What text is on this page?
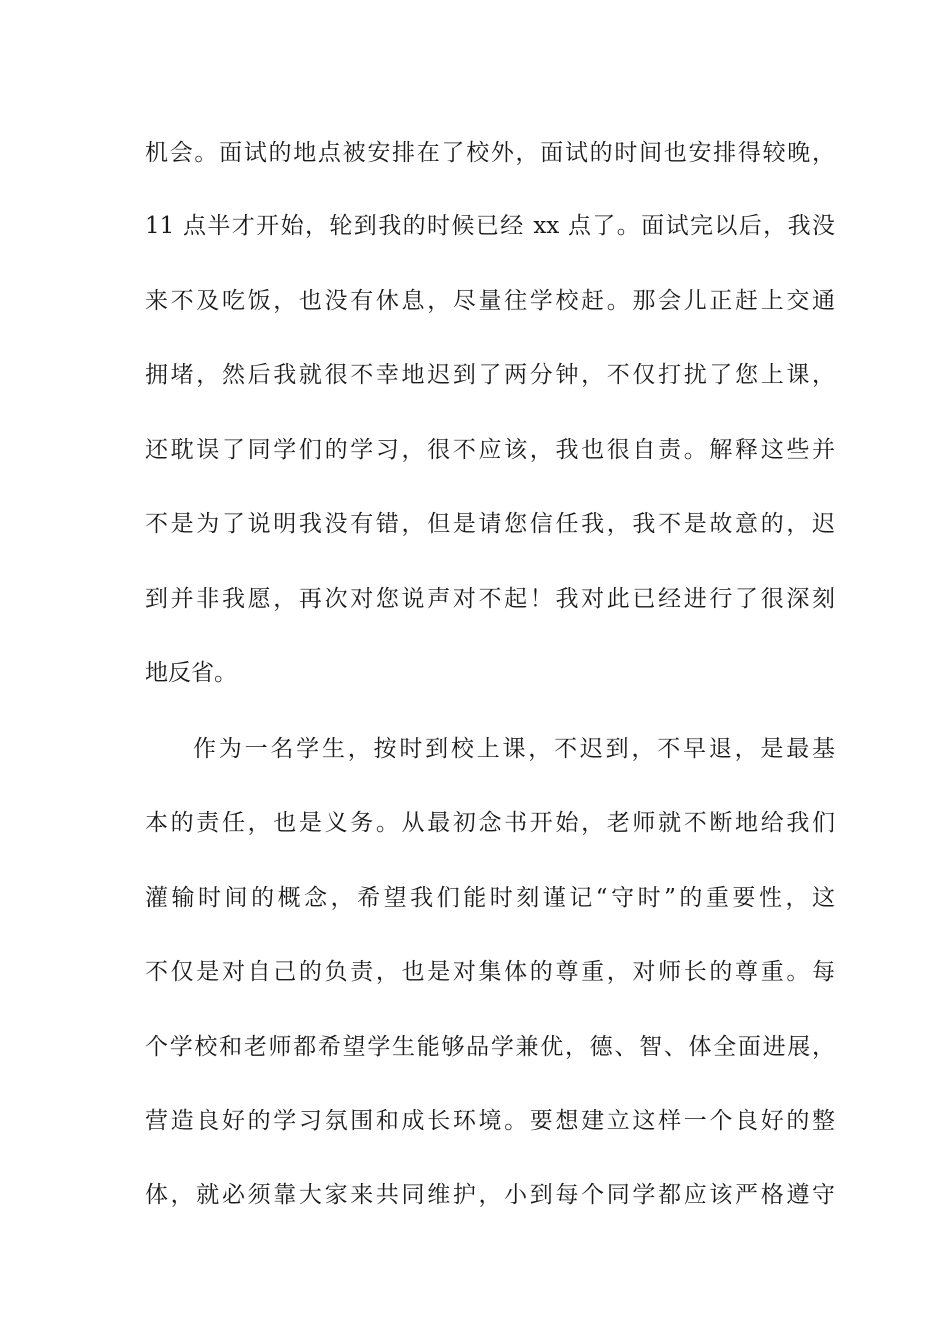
机会。面试的地点被安排在了校外，面试的时间也安排得较晚，
11 点半才开始，轮到我的时候已经 xx 点了。面试完以后，我没
来不及吃饭，也没有休息，尽量往学校赶。那会儿正赶上交通
拥堵，然后我就很不幸地迟到了两分钟，不仅打扰了您上课，
还耽误了同学们的学习，很不应该，我也很自责。解释这些并
不是为了说明我没有错，但是请您信任我，我不是故意的，迟
到并非我愿，再次对您说声对不起！我对此已经进行了很深刻
地反省。
作为一名学生，按时到校上课，不迟到，不早退，是最基
本的责任，也是义务。从最初念书开始，老师就不断地给我们
灌输时间的概念，希望我们能时刻谨记“守时”的重要性，这
不仅是对自己的负责，也是对集体的尊重，对师长的尊重。每
个学校和老师都希望学生能够品学兼优，德、智、体全面进展，
营造良好的学习氛围和成长环境。要想建立这样一个良好的整
体，就必须靠大家来共同维护，小到每个同学都应该严格遵守
